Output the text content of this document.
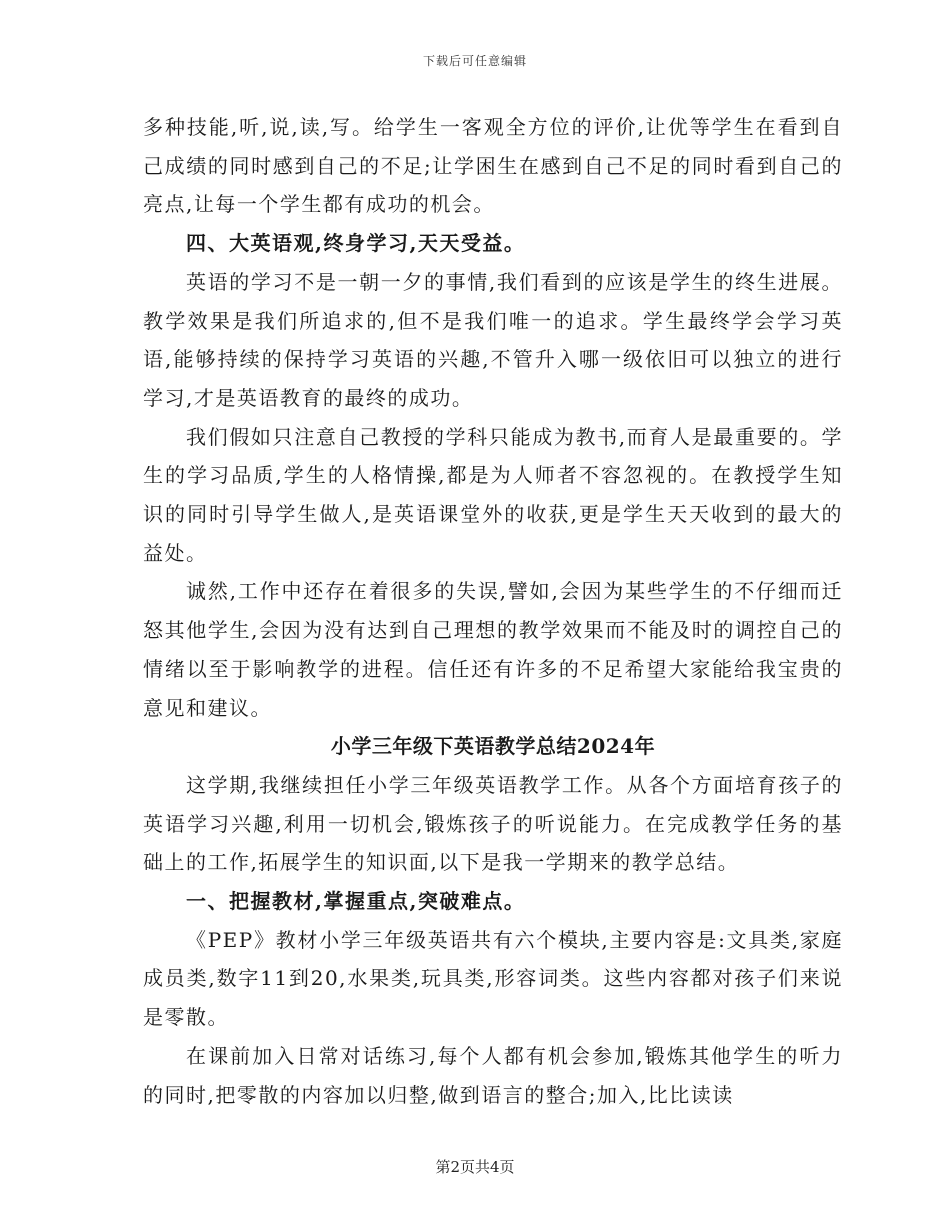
下载后可任意编辑

多种技能,听,说,读,写。给学生一客观全方位的评价,让优等学生在看到自己成绩的同时感到自己的不足;让学困生在感到自己不足的同时看到自己的亮点,让每一个学生都有成功的机会。

四、大英语观,终身学习,天天受益。

英语的学习不是一朝一夕的事情,我们看到的应该是学生的终生进展。教学效果是我们所追求的,但不是我们唯一的追求。学生最终学会学习英语,能够持续的保持学习英语的兴趣,不管升入哪一级依旧可以独立的进行学习,才是英语教育的最终的成功。

我们假如只注意自己教授的学科只能成为教书,而育人是最重要的。学生的学习品质,学生的人格情操,都是为人师者不容忽视的。在教授学生知识的同时引导学生做人,是英语课堂外的收获,更是学生天天收到的最大的益处。

诚然,工作中还存在着很多的失误,譬如,会因为某些学生的不仔细而迁怒其他学生,会因为没有达到自己理想的教学效果而不能及时的调控自己的情绪以至于影响教学的进程。信任还有许多的不足希望大家能给我宝贵的意见和建议。

小学三年级下英语教学总结2024年

这学期,我继续担任小学三年级英语教学工作。从各个方面培育孩子的英语学习兴趣,利用一切机会,锻炼孩子的听说能力。在完成教学任务的基础上的工作,拓展学生的知识面,以下是我一学期来的教学总结。

一、把握教材,掌握重点,突破难点。

《PEP》教材小学三年级英语共有六个模块,主要内容是:文具类,家庭成员类,数字11到20,水果类,玩具类,形容词类。这些内容都对孩子们来说是零散。

在课前加入日常对话练习,每个人都有机会参加,锻炼其他学生的听力的同时,把零散的内容加以归整,做到语言的整合;加入,比比读读

第2页共4页
